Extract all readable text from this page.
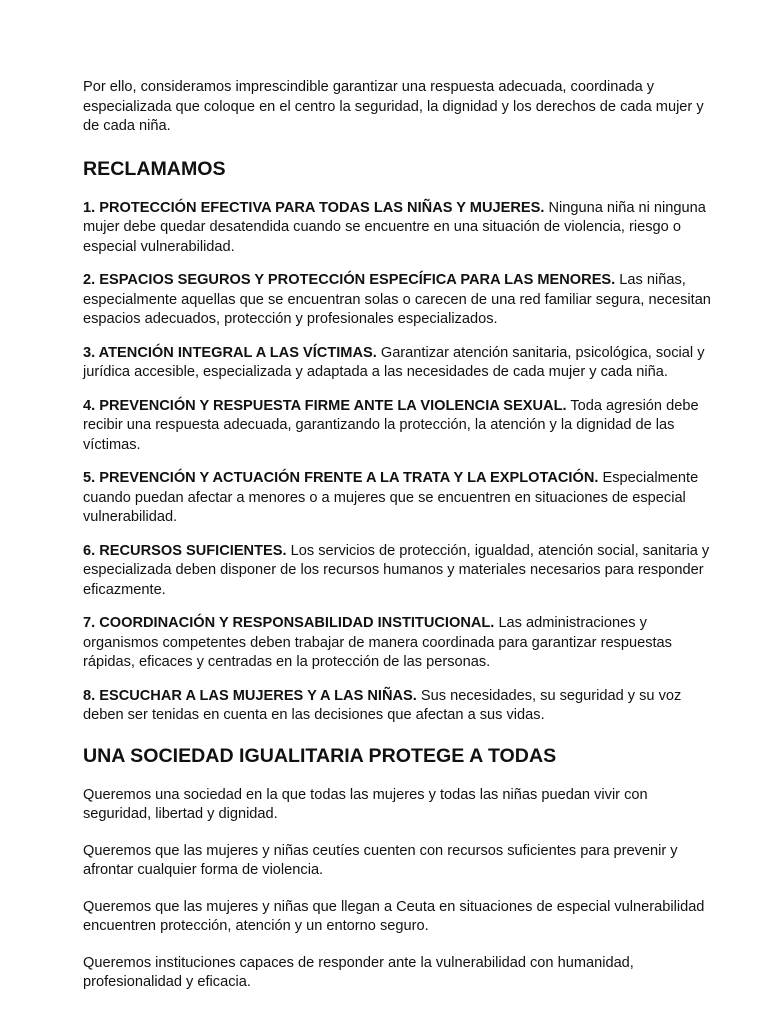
Por ello, consideramos imprescindible garantizar una respuesta adecuada, coordinada y especializada que coloque en el centro la seguridad, la dignidad y los derechos de cada mujer y de cada niña.

RECLAMAMOS

1. PROTECCIÓN EFECTIVA PARA TODAS LAS NIÑAS Y MUJERES. Ninguna niña ni ninguna mujer debe quedar desatendida cuando se encuentre en una situación de violencia, riesgo o especial vulnerabilidad.

2. ESPACIOS SEGUROS Y PROTECCIÓN ESPECÍFICA PARA LAS MENORES. Las niñas, especialmente aquellas que se encuentran solas o carecen de una red familiar segura, necesitan espacios adecuados, protección y profesionales especializados.

3. ATENCIÓN INTEGRAL A LAS VÍCTIMAS. Garantizar atención sanitaria, psicológica, social y jurídica accesible, especializada y adaptada a las necesidades de cada mujer y cada niña.

4. PREVENCIÓN Y RESPUESTA FIRME ANTE LA VIOLENCIA SEXUAL. Toda agresión debe recibir una respuesta adecuada, garantizando la protección, la atención y la dignidad de las víctimas.

5. PREVENCIÓN Y ACTUACIÓN FRENTE A LA TRATA Y LA EXPLOTACIÓN. Especialmente cuando puedan afectar a menores o a mujeres que se encuentren en situaciones de especial vulnerabilidad.

6. RECURSOS SUFICIENTES. Los servicios de protección, igualdad, atención social, sanitaria y especializada deben disponer de los recursos humanos y materiales necesarios para responder eficazmente.

7. COORDINACIÓN Y RESPONSABILIDAD INSTITUCIONAL. Las administraciones y organismos competentes deben trabajar de manera coordinada para garantizar respuestas rápidas, eficaces y centradas en la protección de las personas.

8. ESCUCHAR A LAS MUJERES Y A LAS NIÑAS. Sus necesidades, su seguridad y su voz deben ser tenidas en cuenta en las decisiones que afectan a sus vidas.

UNA SOCIEDAD IGUALITARIA PROTEGE A TODAS

Queremos una sociedad en la que todas las mujeres y todas las niñas puedan vivir con seguridad, libertad y dignidad.

Queremos que las mujeres y niñas ceutíes cuenten con recursos suficientes para prevenir y afrontar cualquier forma de violencia.

Queremos que las mujeres y niñas que llegan a Ceuta en situaciones de especial vulnerabilidad encuentren protección, atención y un entorno seguro.

Queremos instituciones capaces de responder ante la vulnerabilidad con humanidad, profesionalidad y eficacia.
